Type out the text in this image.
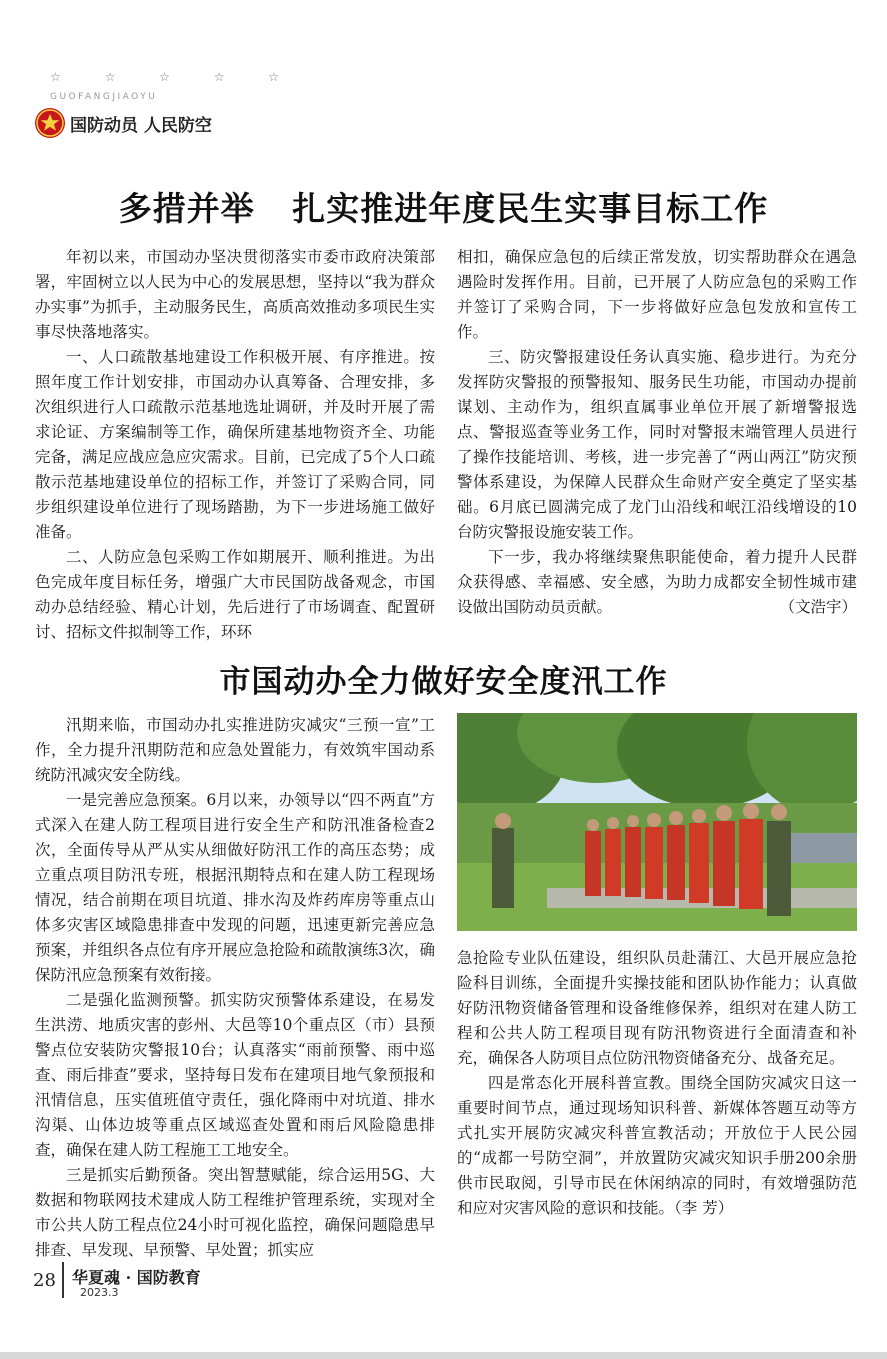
☆ ☆ ☆ ☆ ☆
GUOFANGJIAOYU
国防动员 人民防空
多措并举   扎实推进年度民生实事目标工作

年初以来，市国动办坚决贯彻落实市委市政府决策部署，牢固树立以人民为中心的发展思想，坚持以“我为群众办实事”为抓手，主动服务民生，高质高效推动多项民生实事尽快落地落实。

一、人口疏散基地建设工作积极开展、有序推进。按照年度工作计划安排，市国动办认真筹备、合理安排，多次组织进行人口疏散示范基地选址调研，并及时开展了需求论证、方案编制等工作，确保所建基地物资齐全、功能完备，满足应战应急应灾需求。目前，已完成了5个人口疏散示范基地建设单位的招标工作，并签订了采购合同，同步组织建设单位进行了现场踏勘，为下一步进场施工做好准备。

二、人防应急包采购工作如期展开、顺利推进。为出色完成年度目标任务，增强广大市民国防战备观念，市国动办总结经验、精心计划，先后进行了市场调查、配置研讨、招标文件拟制等工作，环环

相扣，确保应急包的后续正常发放，切实帮助群众在遇急遇险时发挥作用。目前，已开展了人防应急包的采购工作并签订了采购合同，下一步将做好应急包发放和宣传工作。

三、防灾警报建设任务认真实施、稳步进行。为充分发挥防灾警报的预警报知、服务民生功能，市国动办提前谋划、主动作为，组织直属事业单位开展了新增警报选点、警报巡查等业务工作，同时对警报末端管理人员进行了操作技能培训、考核，进一步完善了“两山两江”防灾预警体系建设，为保障人民群众生命财产安全奠定了坚实基础。6月底已圆满完成了龙门山沿线和岷江沿线增设的10台防灾警报设施安装工作。

下一步，我办将继续聚焦职能使命，着力提升人民群众获得感、幸福感、安全感，为助力成都安全韧性城市建设做出国防动员贡献。	（文浩宇）

市国动办全力做好安全度汛工作

汛期来临，市国动办扎实推进防灾减灾“三预一宣”工作，全力提升汛期防范和应急处置能力，有效筑牢国动系统防汛减灾安全防线。

一是完善应急预案。6月以来，办领导以“四不两直”方式深入在建人防工程项目进行安全生产和防汛准备检查2次，全面传导从严从实从细做好防汛工作的高压态势；成立重点项目防汛专班，根据汛期特点和在建人防工程现场情况，结合前期在项目坑道、排水沟及炸药库房等重点山体多灾害区域隐患排查中发现的问题，迅速更新完善应急预案，并组织各点位有序开展应急抢险和疏散演练3次，确保防汛应急预案有效衔接。

二是强化监测预警。抓实防灾预警体系建设，在易发生洪涝、地质灾害的彭州、大邑等10个重点区（市）县预警点位安装防灾警报10台；认真落实“雨前预警、雨中巡查、雨后排查”要求，坚持每日发布在建项目地气象预报和汛情信息，压实值班值守责任，强化降雨中对坑道、排水沟渠、山体边坡等重点区域巡查处置和雨后风险隐患排查，确保在建人防工程施工工地安全。

三是抓实后勤预备。突出智慧赋能，综合运用5G、大数据和物联网技术建成人防工程维护管理系统，实现对全市公共人防工程点位24小时可视化监控，确保问题隐患早排查、早发现、早预警、早处置；抓实应

急抢险专业队伍建设，组织队员赴蒲江、大邑开展应急抢险科目训练，全面提升实操技能和团队协作能力；认真做好防汛物资储备管理和设备维修保养，组织对在建人防工程和公共人防工程项目现有防汛物资进行全面清查和补充，确保各人防项目点位防汛物资储备充分、战备充足。

四是常态化开展科普宣教。围绕全国防灾减灾日这一重要时间节点，通过现场知识科普、新媒体答题互动等方式扎实开展防灾减灾科普宣教活动；开放位于人民公园的“成都一号防空洞”，并放置防灾减灾知识手册200余册供市民取阅，引导市民在休闲纳凉的同时，有效增强防范和应对灾害风险的意识和技能。（李 芳）

28 华夏魂 · 国防教育
2023.3
